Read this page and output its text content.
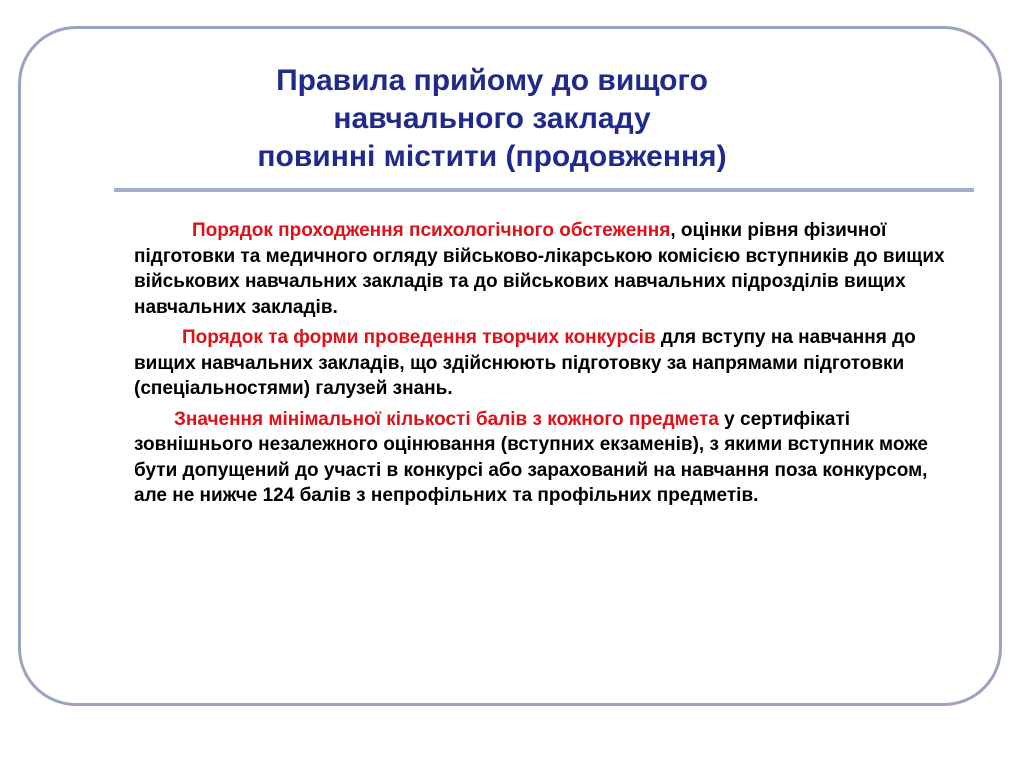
Правила прийому до вищого
навчального закладу
повинні містити (продовження)

Порядок проходження психологічного обстеження, оцінки рівня фізичної підготовки та медичного огляду військово-лікарською комісією вступників до вищих військових навчальних закладів та до військових навчальних підрозділів вищих навчальних закладів.

Порядок та форми проведення творчих конкурсів для вступу на навчання до вищих навчальних закладів, що здійснюють підготовку за напрямами підготовки (спеціальностями) галузей знань.

Значення мінімальної кількості балів з кожного предмета у сертифікаті зовнішнього незалежного оцінювання (вступних екзаменів), з якими вступник може бути допущений до участі в конкурсі або зарахований на навчання поза конкурсом, але не нижче 124 балів з непрофільних та профільних предметів.
